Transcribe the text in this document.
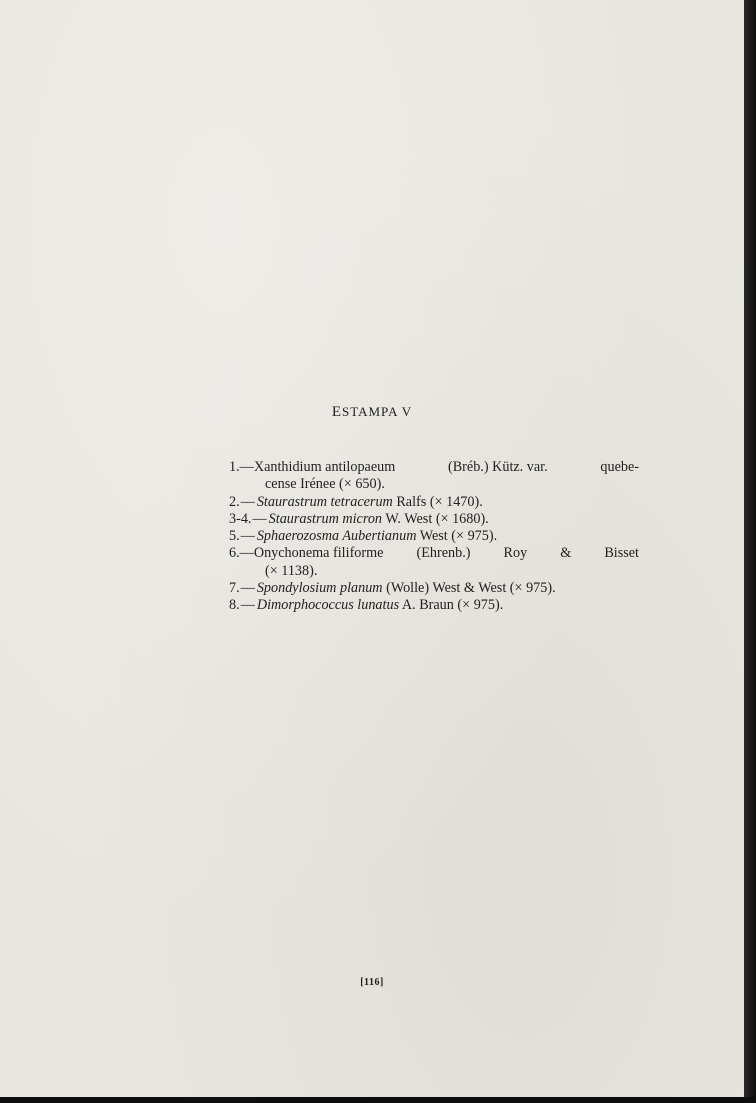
ESTAMPA V
1.—Xanthidium antilopaeum	(Bréb.) Kütz. var.	quebe-
cense Irénee (× 650).
2.— Staurastrum tetracerum Ralfs (× 1470).
3-4.— Staurastrum micron W. West (× 1680).
5.— Sphaerozosma Aubertianum West (× 975).
6.—Onychonema filiforme (Ehrenb.) Roy & Bisset
(× 1138).
7.— Spondylosium planum (Wolle) West & West (× 975).
8.— Dimorphococcus lunatus A. Braun (× 975).
[116]
